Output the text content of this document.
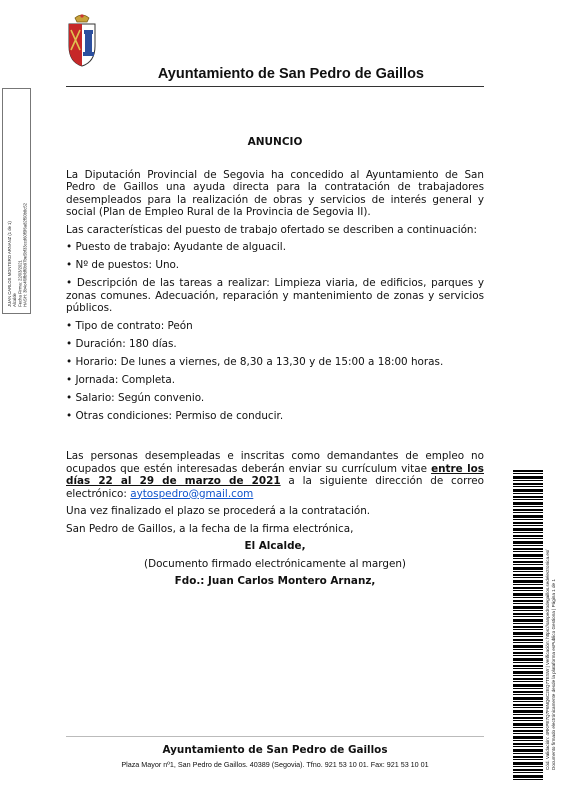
Ayuntamiento de San Pedro de Gaillos
JUAN CARLOS MONTERO ARNANZ (1 de 1)
Alcalde
Fecha Firma: 22/03/2021
HASH: 3b4c4f0fbfdf0b97be5bf33ccd60f5f6a82f50b8c52
ANUNCIO

La Diputación Provincial de Segovia ha concedido al Ayuntamiento de San Pedro de Gaillos una ayuda directa para la contratación de trabajadores desempleados para la realización de obras y servicios de interés general y social (Plan de Empleo Rural de la Provincia de Segovia II).

Las características del puesto de trabajo ofertado se describen a continuación:

• Puesto de trabajo: Ayudante de alguacil.
• Nº de puestos: Uno.
• Descripción de las tareas a realizar: Limpieza viaria, de edificios, parques y zonas comunes. Adecuación, reparación y mantenimiento de zonas y servicios públicos.
• Tipo de contrato: Peón
• Duración: 180 días.
• Horario: De lunes a viernes, de 8,30 a 13,30 y de 15:00 a 18:00 horas.
• Jornada: Completa.
• Salario: Según convenio.
• Otras condiciones: Permiso de conducir.

Las personas desempleadas e inscritas como demandantes de empleo no ocupados que estén interesadas deberán enviar su currículum vitae entre los días 22 al 29 de marzo de 2021 a la siguiente dirección de correo electrónico: aytospedro@gmail.com

Una vez finalizado el plazo se procederá a la contratación.

San Pedro de Gaillos, a la fecha de la firma electrónica,

El Alcalde,

(Documento firmado electrónicamente al margen)

Fdo.: Juan Carlos Montero Arnanz,

Ayuntamiento de San Pedro de Gaillos
Plaza Mayor nº1, San Pedro de Gaillos. 40389 (Segovia). Tfno. 921 53 10 01. Fax: 921 53 10 01	Cód. Validación: 4RKPE7Q7F6NQ6C2EQ7TESW | Verificación: https://sanpedrodegaillos.sedelectronica.es/
Documento firmado electrónicamente desde la plataforma esPublico Gestiona | Página 1 de 1
